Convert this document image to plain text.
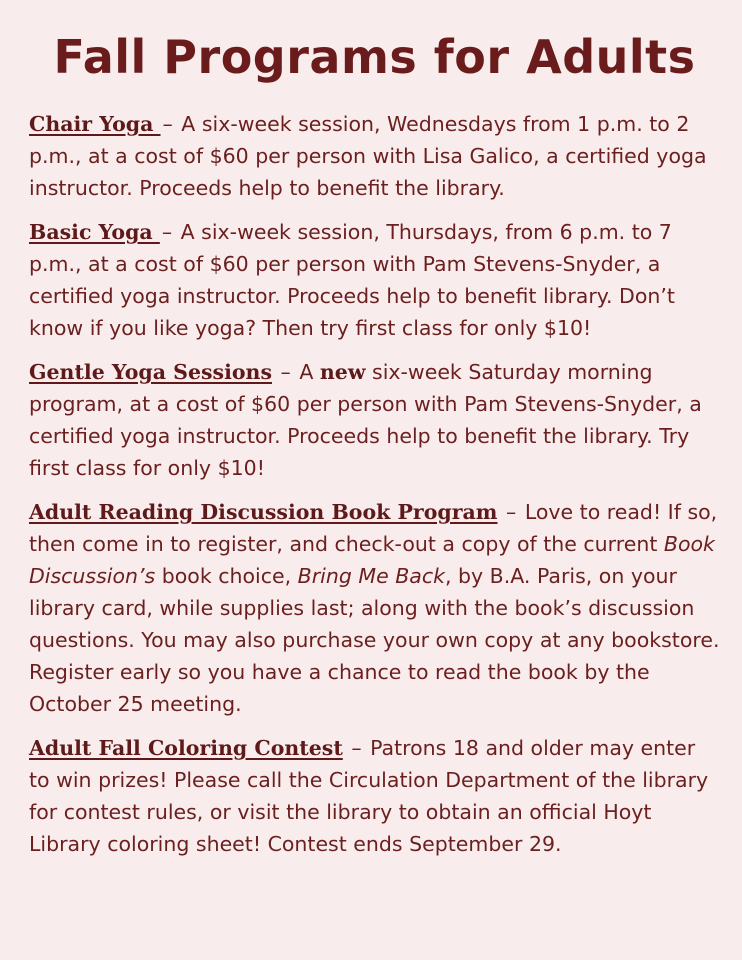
Fall Programs for Adults

Chair Yoga – A six-week session, Wednesdays from 1 p.m. to 2 p.m., at a cost of $60 per person with Lisa Galico, a certified yoga instructor. Proceeds help to benefit the library.

Basic Yoga – A six-week session, Thursdays, from 6 p.m. to 7 p.m., at a cost of $60 per person with Pam Stevens-Snyder, a certified yoga instructor. Proceeds help to benefit library. Don’t know if you like yoga? Then try first class for only $10!

Gentle Yoga Sessions – A new six-week Saturday morning program, at a cost of $60 per person with Pam Stevens-Snyder, a certified yoga instructor. Proceeds help to benefit the library. Try first class for only $10!

Adult Reading Discussion Book Program – Love to read! If so, then come in to register, and check-out a copy of the current Book Discussion’s book choice, Bring Me Back, by B.A. Paris, on your library card, while supplies last; along with the book’s discussion questions. You may also purchase your own copy at any bookstore. Register early so you have a chance to read the book by the October 25 meeting.

Adult Fall Coloring Contest – Patrons 18 and older may enter to win prizes! Please call the Circulation Department of the library for contest rules, or visit the library to obtain an official Hoyt Library coloring sheet! Contest ends September 29.
